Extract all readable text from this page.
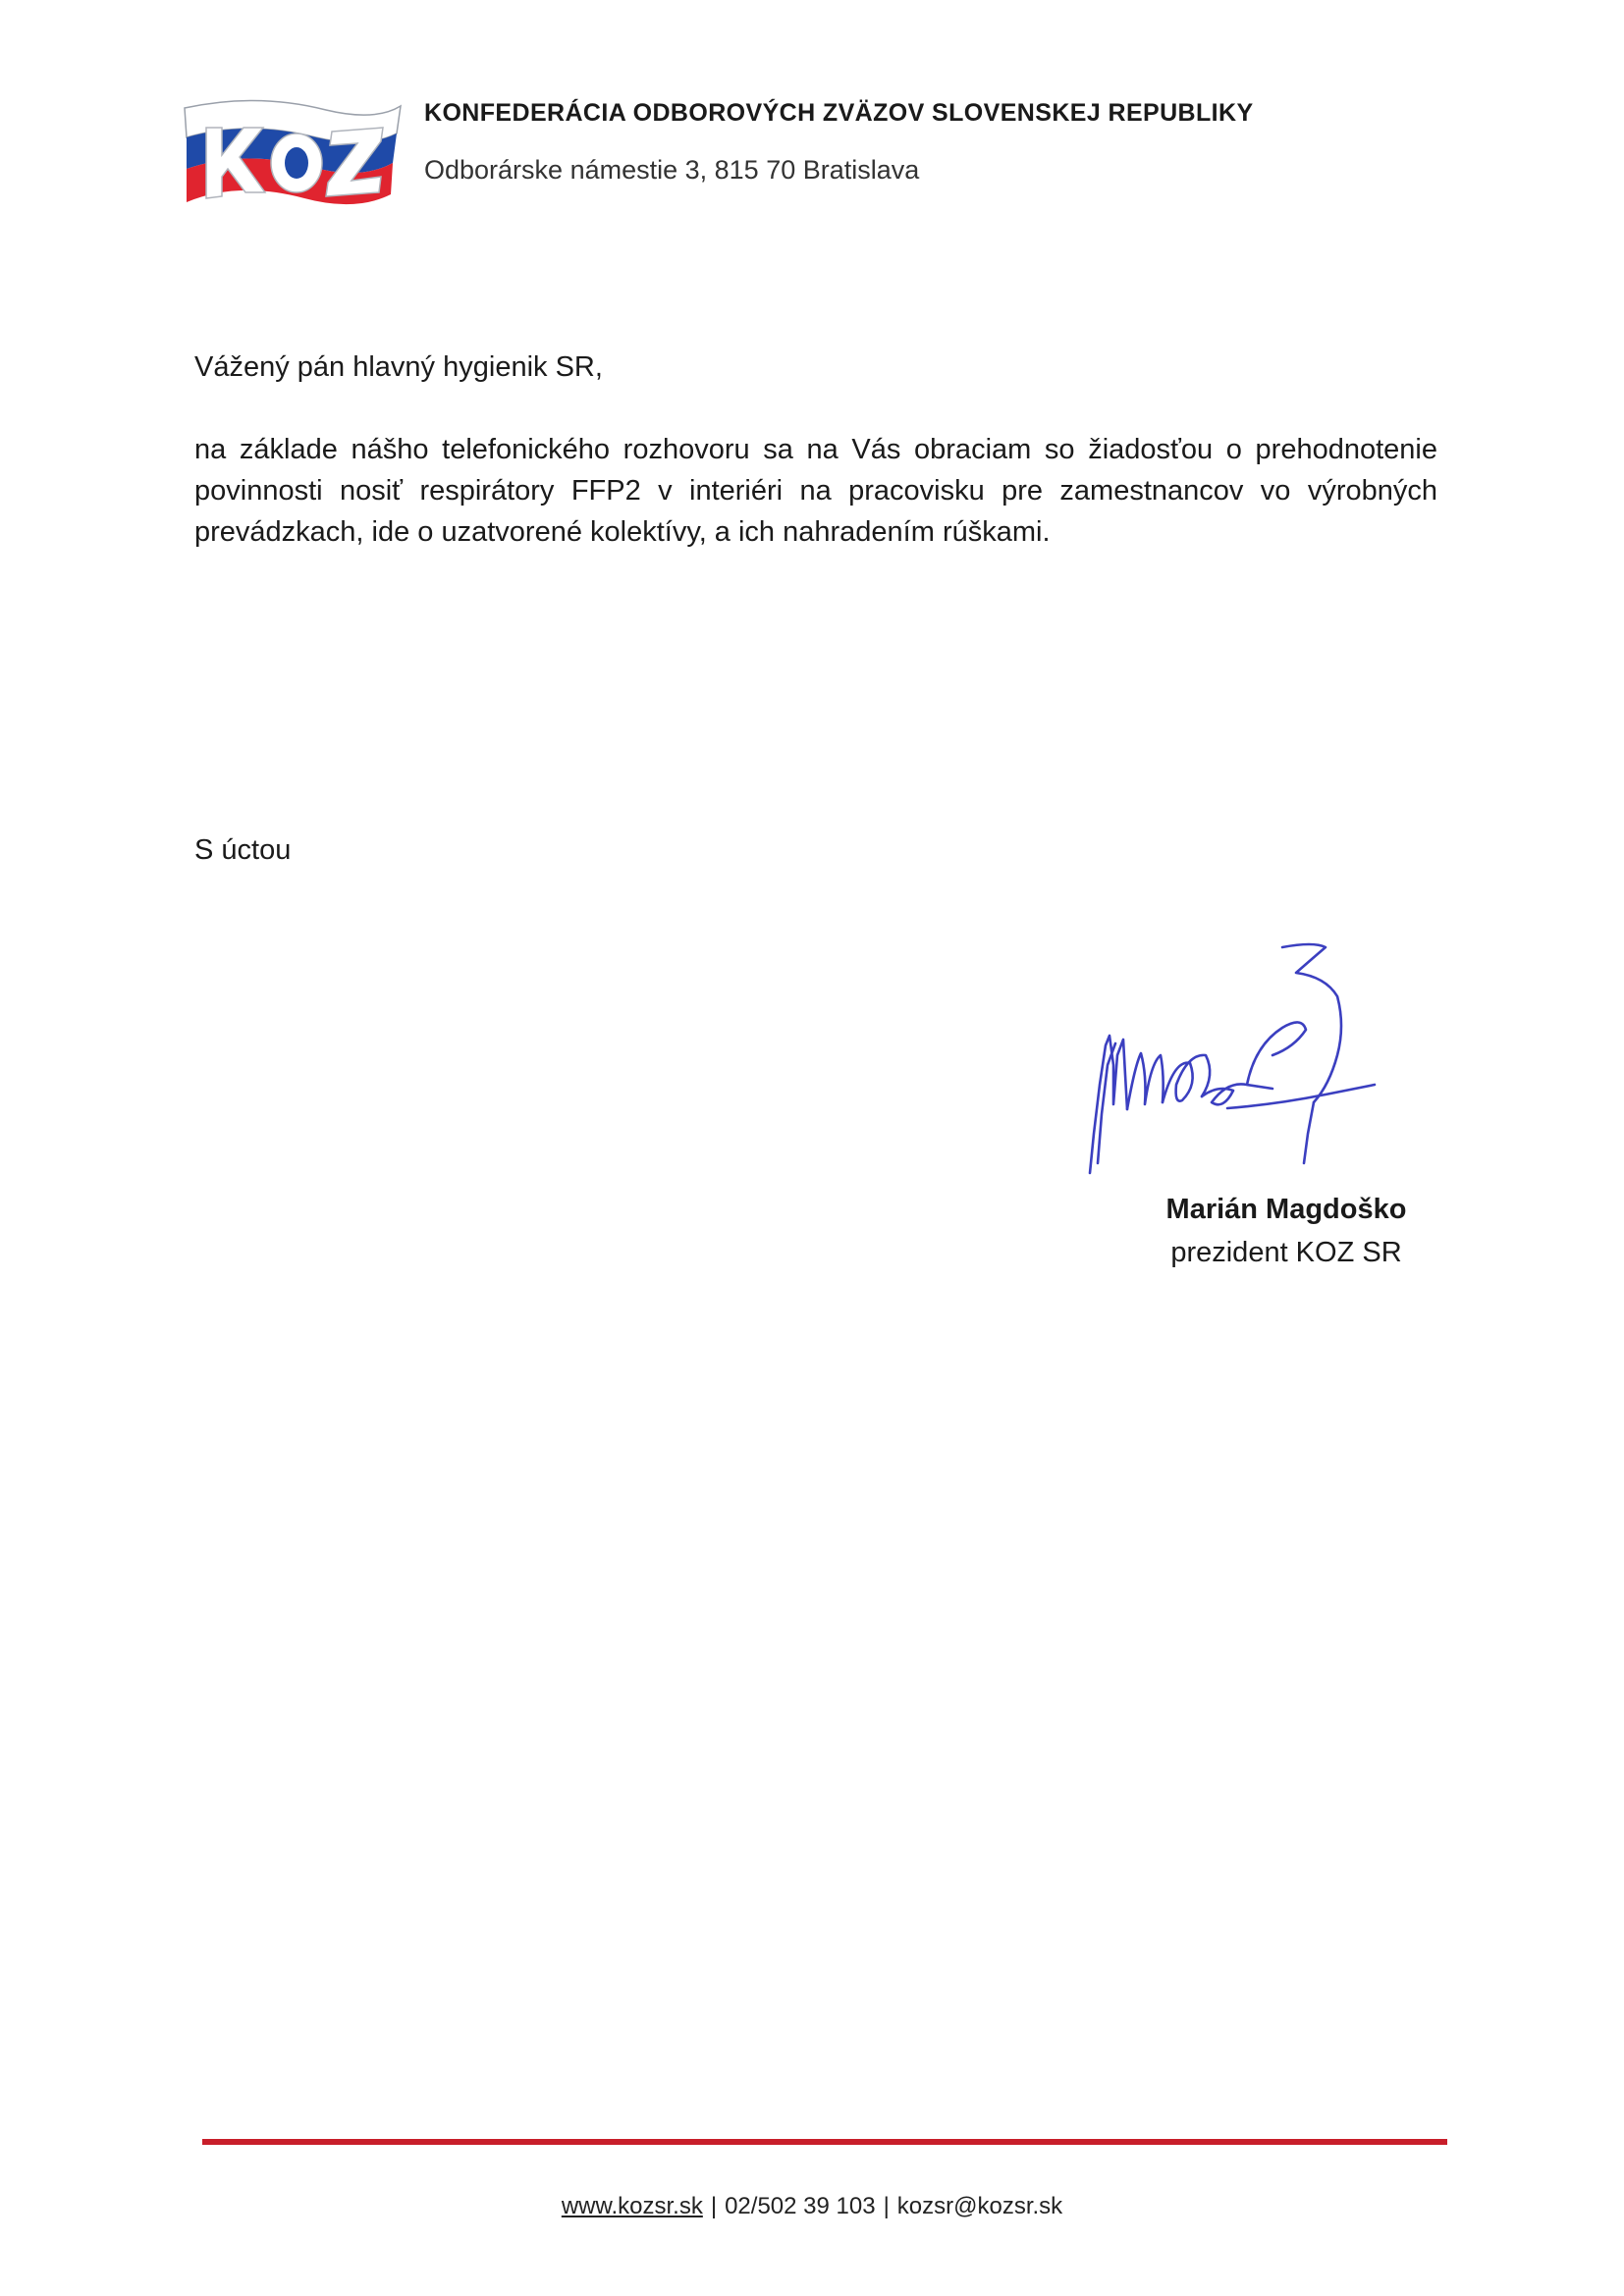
KONFEDERÁCIA ODBOROVÝCH ZVÄZOV SLOVENSKEJ REPUBLIKY
Odborárske námestie 3, 815 70 Bratislava
Vážený pán hlavný hygienik SR,

na základe nášho telefonického rozhovoru sa na Vás obraciam so žiadosťou o prehodnotenie povinnosti nosiť respirátory FFP2 v interiéri na pracovisku pre zamestnancov vo výrobných prevádzkach, ide o uzatvorené kolektívy, a ich nahradením rúškami.

S úctou
Marián Magdoško
prezident KOZ SR
www.kozsr.sk | 02/502 39 103 | kozsr@kozsr.sk
